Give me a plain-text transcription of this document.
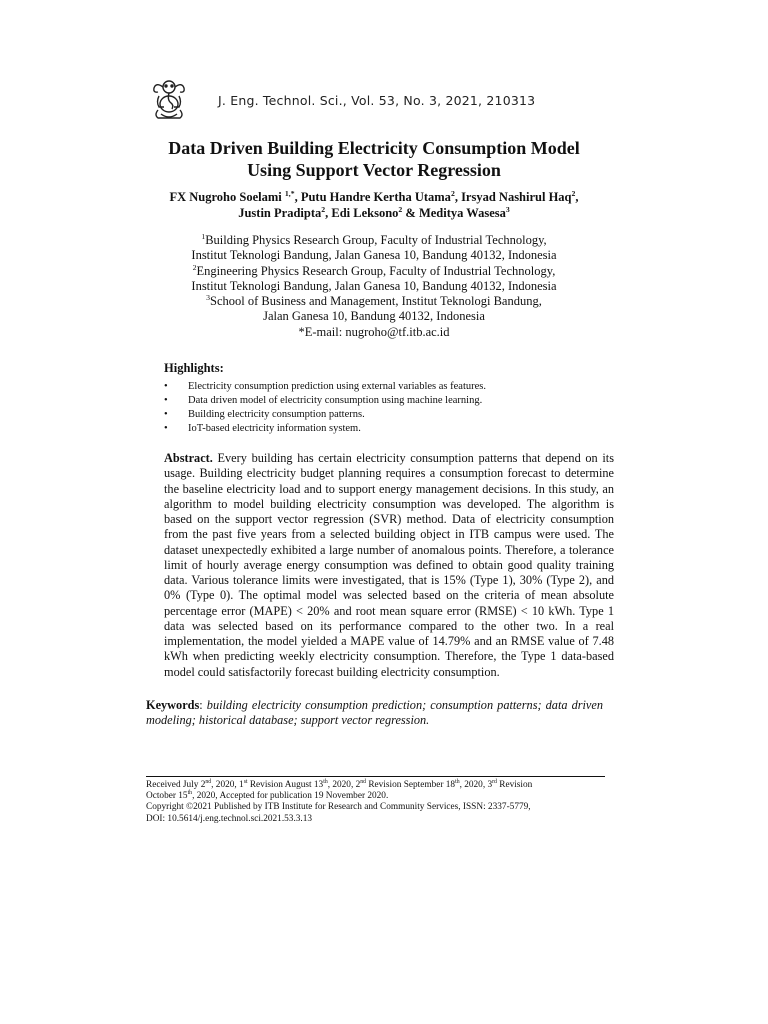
J. Eng. Technol. Sci., Vol. 53, No. 3, 2021, 210313
Data Driven Building Electricity Consumption Model
Using Support Vector Regression
FX Nugroho Soelami $^{1,*}$, Putu Handre Kertha Utama$^2$, Irsyad Nashirul Haq$^2$,
Justin Pradipta$^2$, Edi Leksono$^2$ & Meditya Wasesa$^3$
$^1$Building Physics Research Group, Faculty of Industrial Technology,
Institut Teknologi Bandung, Jalan Ganesa 10, Bandung 40132, Indonesia
$^2$Engineering Physics Research Group, Faculty of Industrial Technology,
Institut Teknologi Bandung, Jalan Ganesa 10, Bandung 40132, Indonesia
$^3$School of Business and Management, Institut Teknologi Bandung,
Jalan Ganesa 10, Bandung 40132, Indonesia
*E-mail: nugroho@tf.itb.ac.id
Highlights:
• Electricity consumption prediction using external variables as features.
• Data driven model of electricity consumption using machine learning.
• Building electricity consumption patterns.
• IoT-based electricity information system.
Abstract. Every building has certain electricity consumption patterns that depend on its usage. Building electricity budget planning requires a consumption forecast to determine the baseline electricity load and to support energy management decisions. In this study, an algorithm to model building electricity consumption was developed. The algorithm is based on the support vector regression (SVR) method. Data of electricity consumption from the past five years from a selected building object in ITB campus were used. The dataset unexpectedly exhibited a large number of anomalous points. Therefore, a tolerance limit of hourly average energy consumption was defined to obtain good quality training data. Various tolerance limits were investigated, that is 15% (Type 1), 30% (Type 2), and 0% (Type 0). The optimal model was selected based on the criteria of mean absolute percentage error (MAPE) < 20% and root mean square error (RMSE) < 10 kWh. Type 1 data was selected based on its performance compared to the other two. In a real implementation, the model yielded a MAPE value of 14.79% and an RMSE value of 7.48 kWh when predicting weekly electricity consumption. Therefore, the Type 1 data-based model could satisfactorily forecast building electricity consumption.
Keywords: building electricity consumption prediction; consumption patterns; data driven modeling; historical database; support vector regression.
Received July 2nd, 2020, 1st Revision August 13th, 2020, 2nd Revision September 18th, 2020, 3rd Revision
October 15th, 2020, Accepted for publication 19 November 2020.
Copyright ©2021 Published by ITB Institute for Research and Community Services, ISSN: 2337-5779,
DOI: 10.5614/j.eng.technol.sci.2021.53.3.13
